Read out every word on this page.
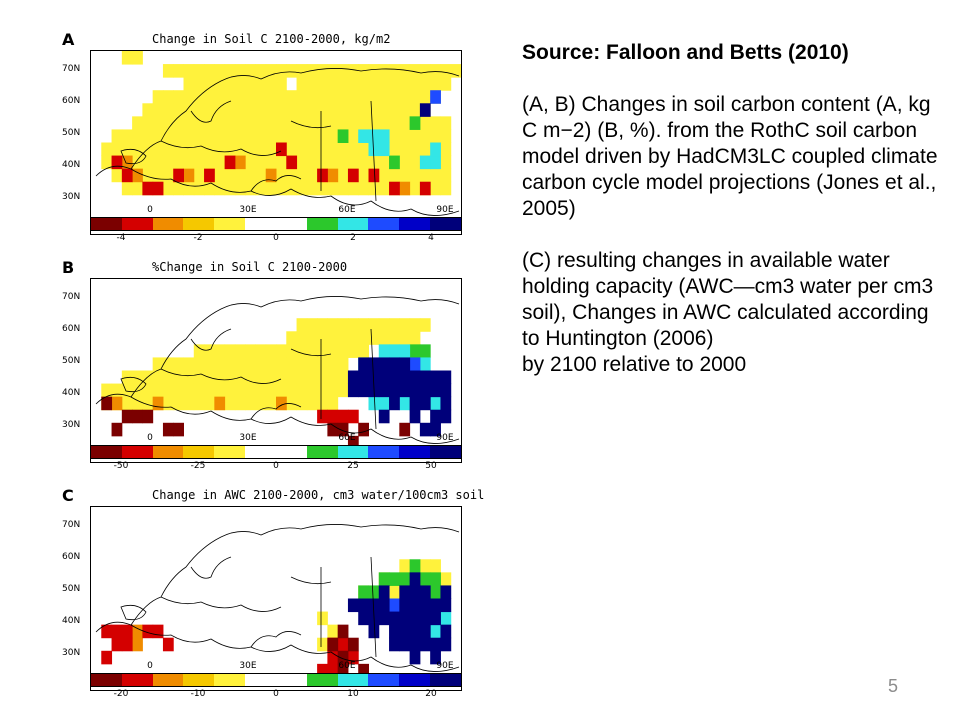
A	Change in Soil C 2100-2000, kg/m2
70N
60N
50N
40N
30N
0	30E	60E	90E
-4	-2	0	2	4
B	%Change in Soil C 2100-2000
70N
60N
50N
40N
30N
0	30E	60E	90E
-50	-25	0	25	50
C	Change in AWC 2100-2000, cm3 water/100cm3 soil
70N
60N
50N
40N
30N
0	30E	60E	90E
-20	-10	0	10	20

Source: Falloon and Betts (2010)

(A, B) Changes in soil carbon content (A, kg C m−2) (B, %). from the RothC soil carbon model driven by HadCM3LC coupled climate carbon cycle model projections (Jones et al., 2005)

(C) resulting changes in available water holding capacity (AWC—cm3 water per cm3 soil), Changes in AWC calculated according to Huntington (2006)

by 2100 relative to 2000

5
